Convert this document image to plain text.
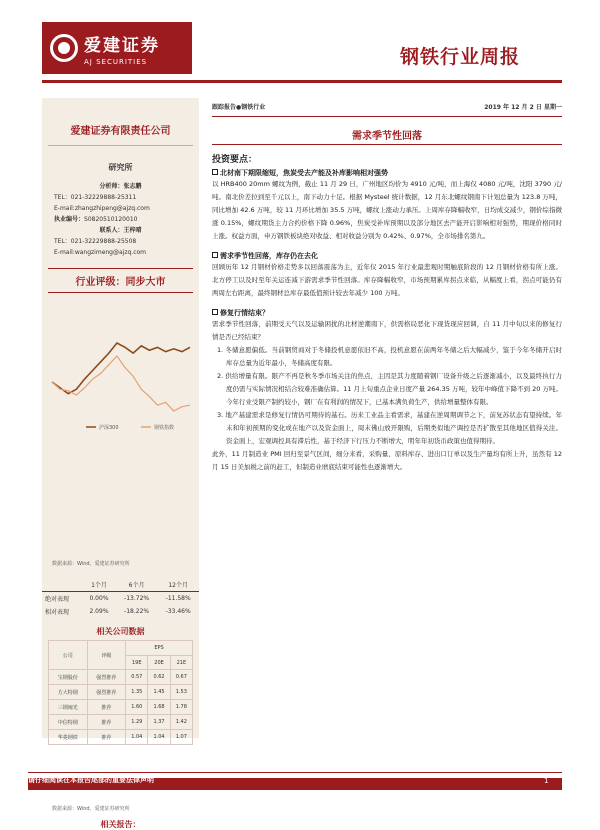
爱建证券
AJ SECURITIES	钢铁行业周报
爱建证券有限责任公司
研究所
分析师：张志鹏
TEL：021-32229888-25311
E-mail:zhangzhipeng@ajzq.com
执业编号：S0820510120010
联系人：王梓晴
TEL：021-32229888-25508
E-mail:wangzimeng@ajzq.com
行业评级：同步大市
沪深300	钢铁指数
数据来源：Wind，爱建证券研究所
	1个月	6个月	12个月
绝对表现	0.00%	-13.72%	-11.58%
相对表现	2.09%	-18.22%	-33.46%
相关公司数据
公司	评级	EPS		
		19E	20E	21E
宝钢股份	强烈推荐	0.57	0.62	0.67
方大特钢	强烈推荐	1.35	1.45	1.53
三钢闽光	推荐	1.60	1.68	1.78
中信特钢	推荐	1.29	1.37	1.42
华菱钢铁	推荐	1.04	1.04	1.07
数据来源：Wind，爱建证券研究所
相关报告：
跟踪报告●钢铁行业	2019 年 12 月 2 日 星期一
需求季节性回落
投资要点：
北材南下期限缩短，焦炭受去产能及补库影响相对强势
以 HRB400 20mm 螺纹为例，截止 11 月 29 日，广州地区均价为 4910 元/吨，而上海仅 4080 元/吨，沈阳 3790 元/吨。南北价差拉到至千元以上，南下动力十足。根据 Mysteel 统计数据，12 月东北螺纹钢南下计划总量为 123.8 万吨，同比增加 42.6 万吨，较 11 月环比增加 35.5 万吨，螺纹上涨动力承压。上周库存降幅收窄，日均成交减少，钢价综指微涨 0.15%，螺纹期货主力合约价格下降 0.96%，焦炭受补库预期以及部分地区去产能开启影响相对强势，期现价格同时上涨。权益方面，申万钢铁板块绝对收益、相对收益分别为 0.42%、0.97%，全市场排名第九。
需求季节性回落，库存仍在去化
回顾历年 12 月钢材价格走势多以回落震荡为主，近年仅 2015 年行业最悲观时期触底阶段的 12 月钢材价格有所上涨。北方停工以及时至年关运连减下游需求季节性回落。库存降幅收窄，市场预期累库拐点来临，从幅度上看，拐点可能仍有两周左右距离，最终钢材总库存最低值预计较去年减少 100 万吨。
修复行情结束？
需求季节性回落，前期受天气以及运输困扰的北材逆潮南下，供需格局恶化下现货现应回调，自 11 月中旬以来的修复行情是否已经结束？
1. 冬储意愿偏低。当前钢贸商对于冬储投机意愿依旧不高，投机意愿在前两年冬储之后大幅减少，鉴于今年冬储开启时库存总量为近年最小，冬储高度有限。
2. 供给增量有限。限产不再是秋冬季市场关注的焦点，主因是其力度随着钢厂设备升级之后逐渐减小，以及最终执行力度仍需与实际情况相结合较难准确估算。11 月上旬重点企业日度产量 264.35 万吨，较年中峰值下降不到 20 万吨。今年行业受限产制约较小，钢厂在有利润的情况下，已基本满负荷生产，供给增量整体有限。
3. 地产基建需求是修复行情仍可期待的基石。历来工业品主看需求，基建在逆周期调节之下，前复苏状态有望持续。年末和年初预期的变化或在地产以及资金面上，周末佛山放开限购，后期类似地产调控是否扩散至其他地区值得关注。资金面上，宏观调控具有滞后性，基于经济下行压力不断增大，明年年初货币政策也值得期待。
此外，11 月制造业 PMI 回归至景气区间，细分来看，采购量、原料库存、进出口订单以及生产量均有所上升，虽然有 12 月 15 日美加税之前的赶工，但制造业磨底结束可能性也逐渐增大。
请仔细阅读在本报告尾部的重要法律声明	1
